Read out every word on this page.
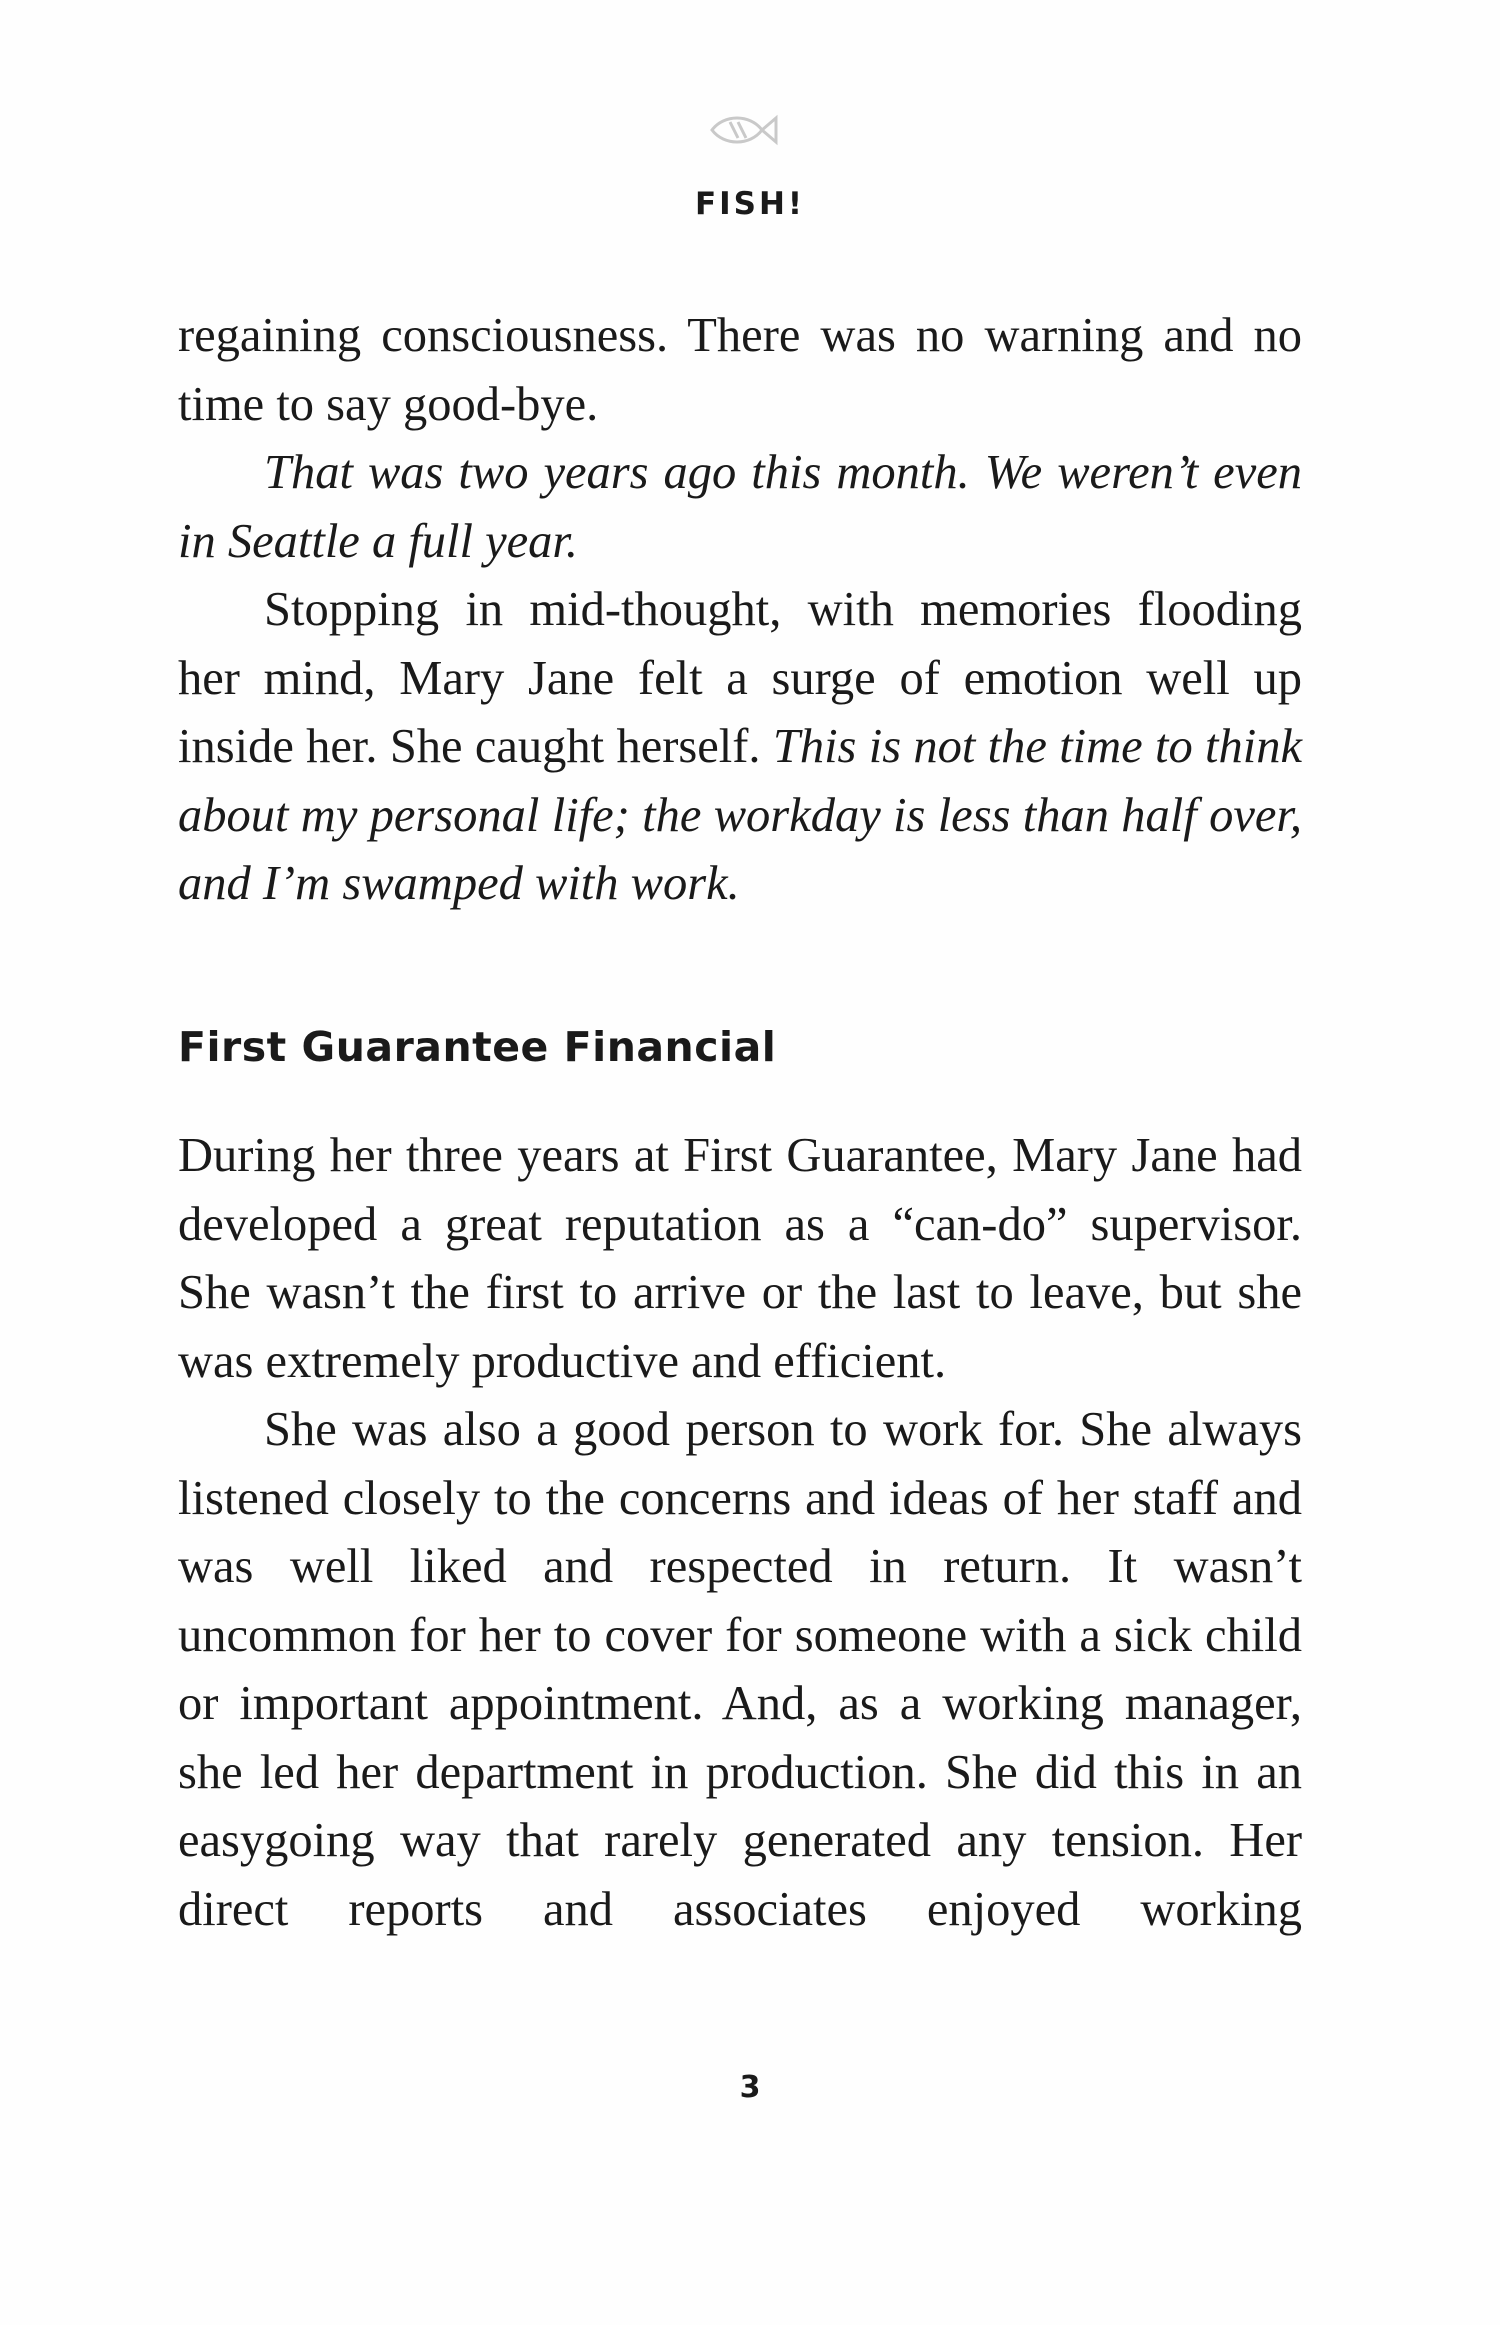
FISH!

regaining consciousness. There was no warning and no time to say good-bye.

That was two years ago this month. We weren’t even in Seattle a full year.

Stopping in mid-thought, with memories flooding her mind, Mary Jane felt a surge of emotion well up inside her. She caught herself. This is not the time to think about my personal life; the workday is less than half over, and I’m swamped with work.

First Guarantee Financial

During her three years at First Guarantee, Mary Jane had developed a great reputation as a “can-do” supervisor. She wasn’t the first to arrive or the last to leave, but she was extremely productive and efficient.

She was also a good person to work for. She always listened closely to the concerns and ideas of her staff and was well liked and respected in return. It wasn’t uncommon for her to cover for someone with a sick child or important appointment. And, as a working manager, she led her department in production. She did this in an easygoing way that rarely generated any tension. Her direct reports and associates enjoyed working

3
